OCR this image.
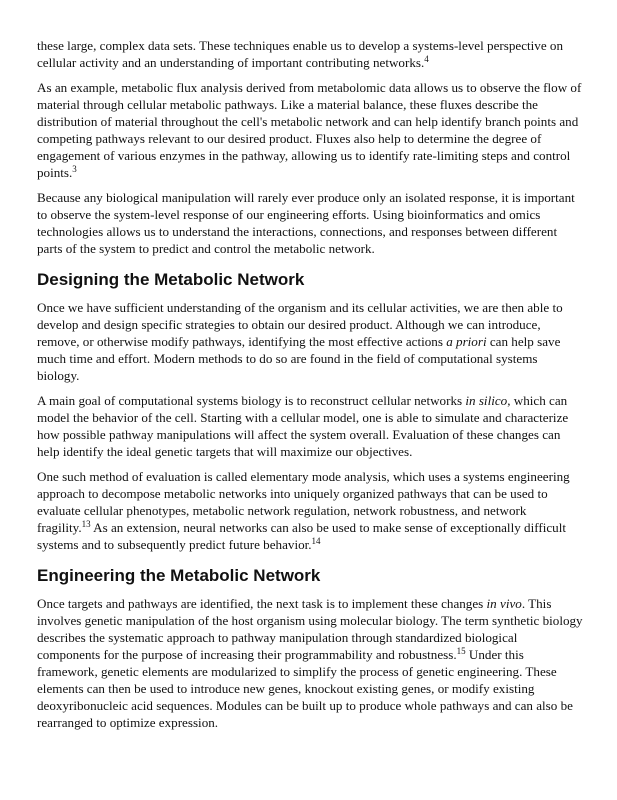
these large, complex data sets. These techniques enable us to develop a systems-level perspective on cellular activity and an understanding of important contributing networks.$^4$

As an example, metabolic flux analysis derived from metabolomic data allows us to observe the flow of material through cellular metabolic pathways. Like a material balance, these fluxes describe the distribution of material throughout the cell's metabolic network and can help identify branch points and competing pathways relevant to our desired product. Fluxes also help to determine the degree of engagement of various enzymes in the pathway, allowing us to identify rate-limiting steps and control points.$^3$

Because any biological manipulation will rarely ever produce only an isolated response, it is important to observe the system-level response of our engineering efforts. Using bioinformatics and omics technologies allows us to understand the interactions, connections, and responses between different parts of the system to predict and control the metabolic network.

Designing the Metabolic Network

Once we have sufficient understanding of the organism and its cellular activities, we are then able to develop and design specific strategies to obtain our desired product. Although we can introduce, remove, or otherwise modify pathways, identifying the most effective actions a priori can help save much time and effort. Modern methods to do so are found in the field of computational systems biology.

A main goal of computational systems biology is to reconstruct cellular networks in silico, which can model the behavior of the cell. Starting with a cellular model, one is able to simulate and characterize how possible pathway manipulations will affect the system overall. Evaluation of these changes can help identify the ideal genetic targets that will maximize our objectives.

One such method of evaluation is called elementary mode analysis, which uses a systems engineering approach to decompose metabolic networks into uniquely organized pathways that can be used to evaluate cellular phenotypes, metabolic network regulation, network robustness, and network fragility.$^{13}$ As an extension, neural networks can also be used to make sense of exceptionally difficult systems and to subsequently predict future behavior.$^{14}$

Engineering the Metabolic Network

Once targets and pathways are identified, the next task is to implement these changes in vivo. This involves genetic manipulation of the host organism using molecular biology. The term synthetic biology describes the systematic approach to pathway manipulation through standardized biological components for the purpose of increasing their programmability and robustness.$^{15}$ Under this framework, genetic elements are modularized to simplify the process of genetic engineering. These elements can then be used to introduce new genes, knockout existing genes, or modify existing deoxyribonucleic acid sequences. Modules can be built up to produce whole pathways and can also be rearranged to optimize expression.
